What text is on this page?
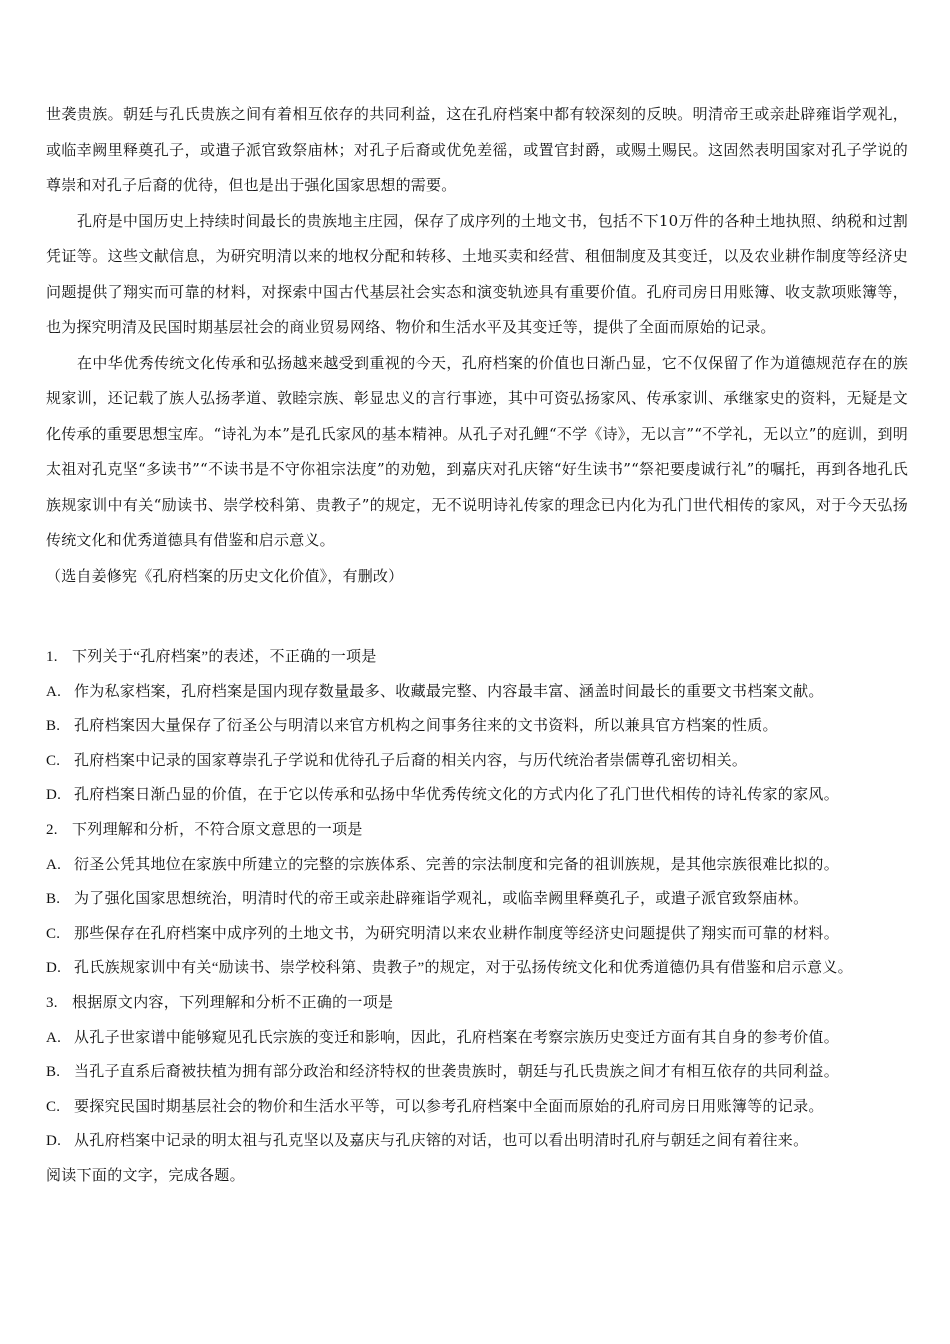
世袭贵族。朝廷与孔氏贵族之间有着相互依存的共同利益，这在孔府档案中都有较深刻的反映。明清帝王或亲赴辟雍诣学观礼，或临幸阙里释奠孔子，或遣子派官致祭庙林；对孔子后裔或优免差徭，或置官封爵，或赐土赐民。这固然表明国家对孔子学说的尊崇和对孔子后裔的优待，但也是出于强化国家思想的需要。

孔府是中国历史上持续时间最长的贵族地主庄园，保存了成序列的土地文书，包括不下10万件的各种土地执照、纳税和过割凭证等。这些文献信息，为研究明清以来的地权分配和转移、土地买卖和经营、租佃制度及其变迁，以及农业耕作制度等经济史问题提供了翔实而可靠的材料，对探索中国古代基层社会实态和演变轨迹具有重要价值。孔府司房日用账簿、收支款项账簿等，也为探究明清及民国时期基层社会的商业贸易网络、物价和生活水平及其变迁等，提供了全面而原始的记录。

在中华优秀传统文化传承和弘扬越来越受到重视的今天，孔府档案的价值也日渐凸显，它不仅保留了作为道德规范存在的族规家训，还记载了族人弘扬孝道、敦睦宗族、彰显忠义的言行事迹，其中可资弘扬家风、传承家训、承继家史的资料，无疑是文化传承的重要思想宝库。“诗礼为本”是孔氏家风的基本精神。从孔子对孔鲤“不学《诗》，无以言”“不学礼，无以立”的庭训，到明太祖对孔克坚“多读书”“不读书是不守你祖宗法度”的劝勉，到嘉庆对孔庆镕“好生读书”“祭祀要虔诚行礼”的嘱托，再到各地孔氏族规家训中有关“励读书、崇学校科第、贵教子”的规定，无不说明诗礼传家的理念已内化为孔门世代相传的家风，对于今天弘扬传统文化和优秀道德具有借鉴和启示意义。

（选自姜修宪《孔府档案的历史文化价值》，有删改）

1. 下列关于“孔府档案”的表述，不正确的一项是

A. 作为私家档案，孔府档案是国内现存数量最多、收藏最完整、内容最丰富、涵盖时间最长的重要文书档案文献。

B. 孔府档案因大量保存了衍圣公与明清以来官方机构之间事务往来的文书资料，所以兼具官方档案的性质。

C. 孔府档案中记录的国家尊崇孔子学说和优待孔子后裔的相关内容，与历代统治者崇儒尊孔密切相关。

D. 孔府档案日渐凸显的价值，在于它以传承和弘扬中华优秀传统文化的方式内化了孔门世代相传的诗礼传家的家风。

2. 下列理解和分析，不符合原文意思的一项是

A. 衍圣公凭其地位在家族中所建立的完整的宗族体系、完善的宗法制度和完备的祖训族规，是其他宗族很难比拟的。

B. 为了强化国家思想统治，明清时代的帝王或亲赴辟雍诣学观礼，或临幸阙里释奠孔子，或遣子派官致祭庙林。

C. 那些保存在孔府档案中成序列的土地文书，为研究明清以来农业耕作制度等经济史问题提供了翔实而可靠的材料。

D. 孔氏族规家训中有关“励读书、崇学校科第、贵教子”的规定，对于弘扬传统文化和优秀道德仍具有借鉴和启示意义。

3. 根据原文内容，下列理解和分析不正确的一项是

A. 从孔子世家谱中能够窥见孔氏宗族的变迁和影响，因此，孔府档案在考察宗族历史变迁方面有其自身的参考价值。

B. 当孔子直系后裔被扶植为拥有部分政治和经济特权的世袭贵族时，朝廷与孔氏贵族之间才有相互依存的共同利益。

C. 要探究民国时期基层社会的物价和生活水平等，可以参考孔府档案中全面而原始的孔府司房日用账簿等的记录。

D. 从孔府档案中记录的明太祖与孔克坚以及嘉庆与孔庆镕的对话，也可以看出明清时孔府与朝廷之间有着往来。

阅读下面的文字，完成各题。
